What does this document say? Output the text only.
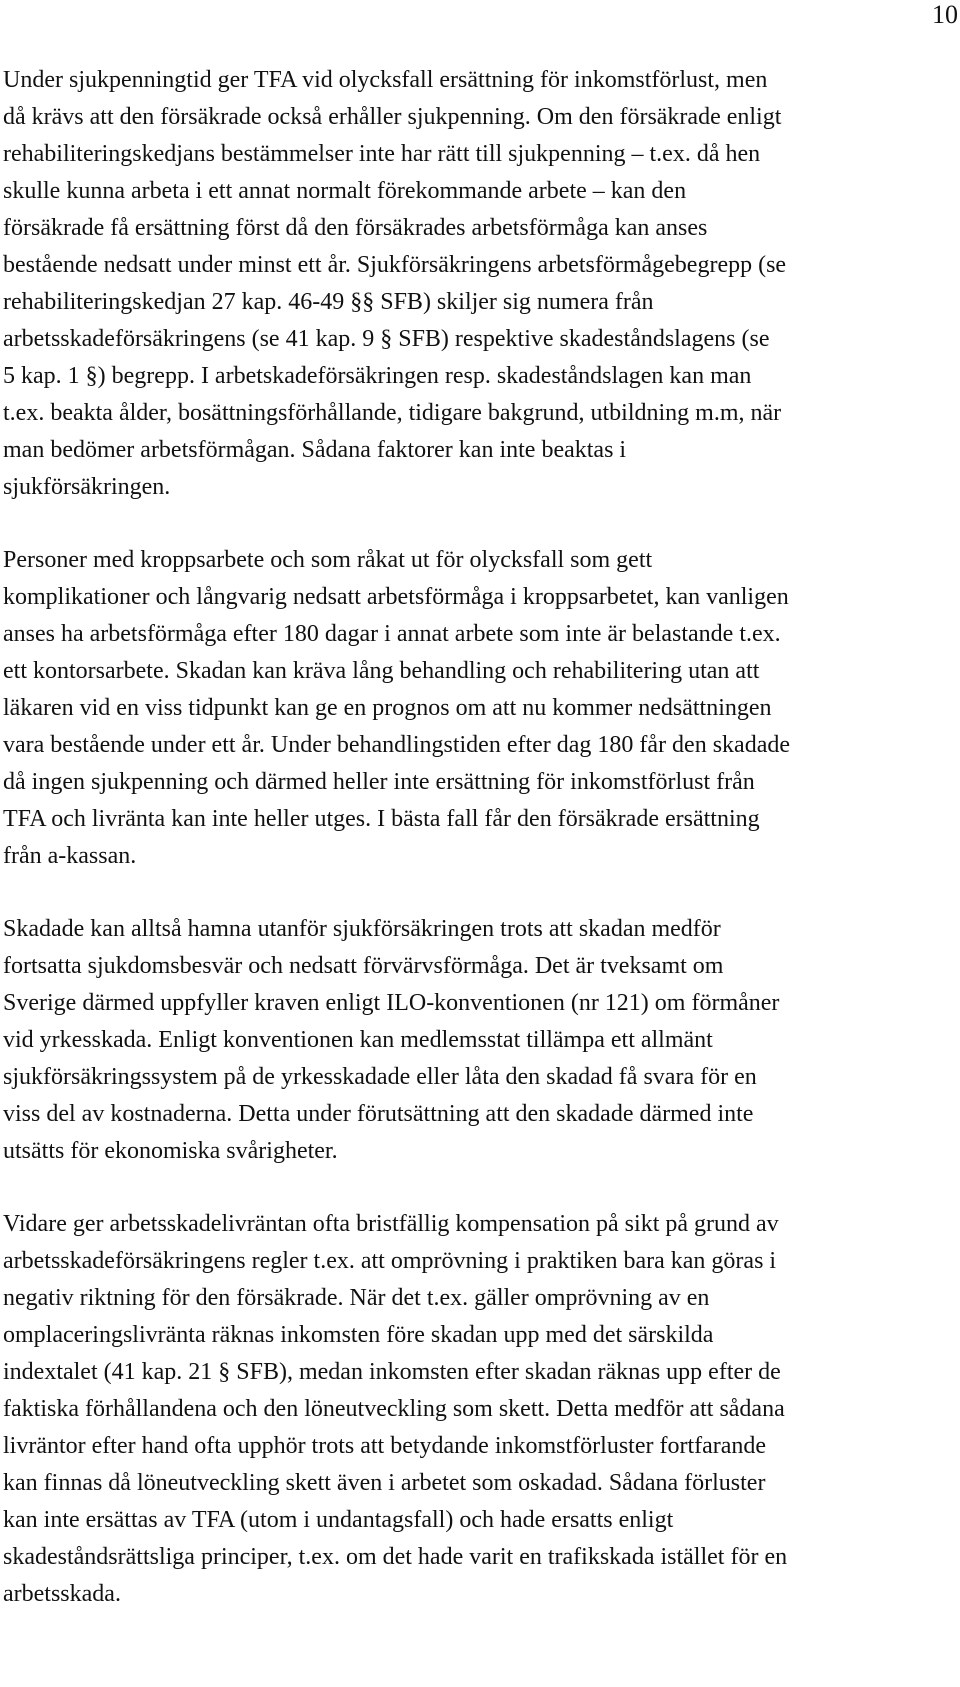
10

Under sjukpenningtid ger TFA vid olycksfall ersättning för inkomstförlust, men
då krävs att den försäkrade också erhåller sjukpenning. Om den försäkrade enligt
rehabiliteringskedjans bestämmelser inte har rätt till sjukpenning – t.ex. då hen
skulle kunna arbeta i ett annat normalt förekommande arbete – kan den
försäkrade få ersättning först då den försäkrades arbetsförmåga kan anses
bestående nedsatt under minst ett år. Sjukförsäkringens arbetsförmågebegrepp (se
rehabiliteringskedjan 27 kap. 46-49 §§ SFB) skiljer sig numera från
arbetsskadeförsäkringens (se 41 kap. 9 § SFB) respektive skadeståndslagens (se
5 kap. 1 §) begrepp. I arbetskadeförsäkringen resp. skadeståndslagen kan man
t.ex. beakta ålder, bosättningsförhållande, tidigare bakgrund, utbildning m.m, när
man bedömer arbetsförmågan. Sådana faktorer kan inte beaktas i
sjukförsäkringen.

Personer med kroppsarbete och som råkat ut för olycksfall som gett
komplikationer och långvarig nedsatt arbetsförmåga i kroppsarbetet, kan vanligen
anses ha arbetsförmåga efter 180 dagar i annat arbete som inte är belastande t.ex.
ett kontorsarbete. Skadan kan kräva lång behandling och rehabilitering utan att
läkaren vid en viss tidpunkt kan ge en prognos om att nu kommer nedsättningen
vara bestående under ett år. Under behandlingstiden efter dag 180 får den skadade
då ingen sjukpenning och därmed heller inte ersättning för inkomstförlust från
TFA och livränta kan inte heller utges. I bästa fall får den försäkrade ersättning
från a-kassan.

Skadade kan alltså hamna utanför sjukförsäkringen trots att skadan medför
fortsatta sjukdomsbesvär och nedsatt förvärvsförmåga. Det är tveksamt om
Sverige därmed uppfyller kraven enligt ILO-konventionen (nr 121) om förmåner
vid yrkesskada. Enligt konventionen kan medlemsstat tillämpa ett allmänt
sjukförsäkringssystem på de yrkesskadade eller låta den skadad få svara för en
viss del av kostnaderna. Detta under förutsättning att den skadade därmed inte
utsätts för ekonomiska svårigheter.

Vidare ger arbetsskadelivräntan ofta bristfällig kompensation på sikt på grund av
arbetsskadeförsäkringens regler t.ex. att omprövning i praktiken bara kan göras i
negativ riktning för den försäkrade. När det t.ex. gäller omprövning av en
omplaceringslivränta räknas inkomsten före skadan upp med det särskilda
indextalet (41 kap. 21 § SFB), medan inkomsten efter skadan räknas upp efter de
faktiska förhållandena och den löneutveckling som skett. Detta medför att sådana
livräntor efter hand ofta upphör trots att betydande inkomstförluster fortfarande
kan finnas då löneutveckling skett även i arbetet som oskadad. Sådana förluster
kan inte ersättas av TFA (utom i undantagsfall) och hade ersatts enligt
skadeståndsrättsliga principer, t.ex. om det hade varit en trafikskada istället för en
arbetsskada.
